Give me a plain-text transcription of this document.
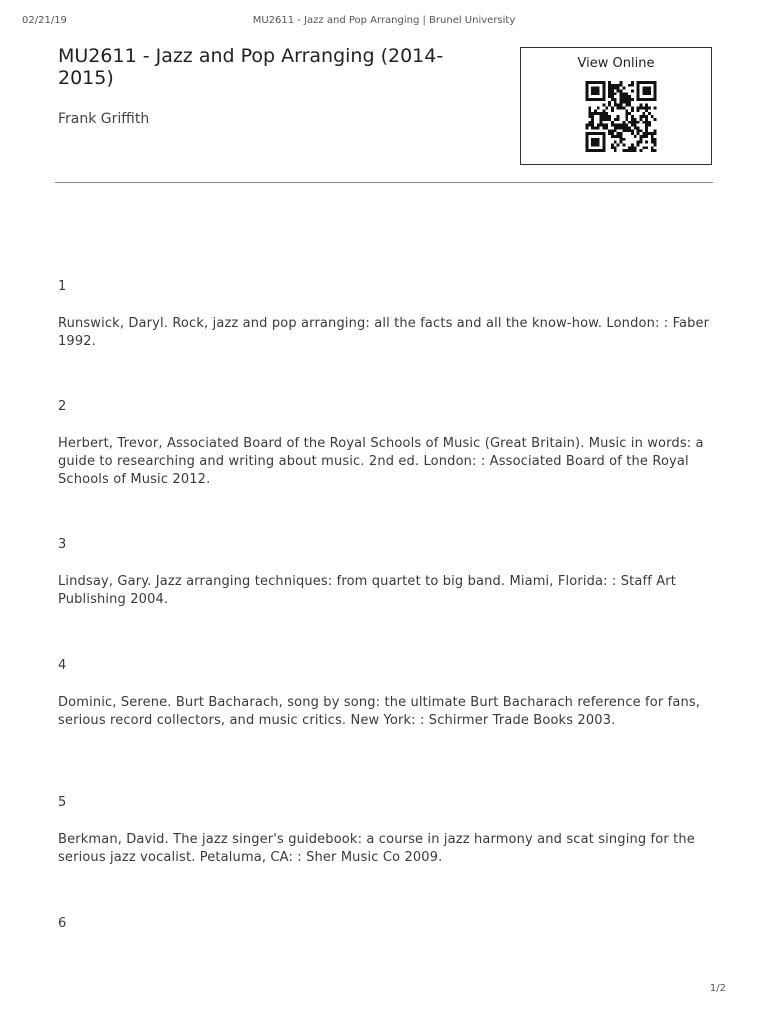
02/21/19	MU2611 - Jazz and Pop Arranging | Brunel University
MU2611 - Jazz and Pop Arranging (2014-2015)
Frank Griffith
View Online
1
Runswick, Daryl. Rock, jazz and pop arranging: all the facts and all the know-how. London: : Faber 1992.
2
Herbert, Trevor, Associated Board of the Royal Schools of Music (Great Britain). Music in words: a guide to researching and writing about music. 2nd ed. London: : Associated Board of the Royal Schools of Music 2012.
3
Lindsay, Gary. Jazz arranging techniques: from quartet to big band. Miami, Florida: : Staff Art Publishing 2004.
4
Dominic, Serene. Burt Bacharach, song by song: the ultimate Burt Bacharach reference for fans, serious record collectors, and music critics. New York: : Schirmer Trade Books 2003.
5
Berkman, David. The jazz singer's guidebook: a course in jazz harmony and scat singing for the serious jazz vocalist. Petaluma, CA: : Sher Music Co 2009.
6
1/2
